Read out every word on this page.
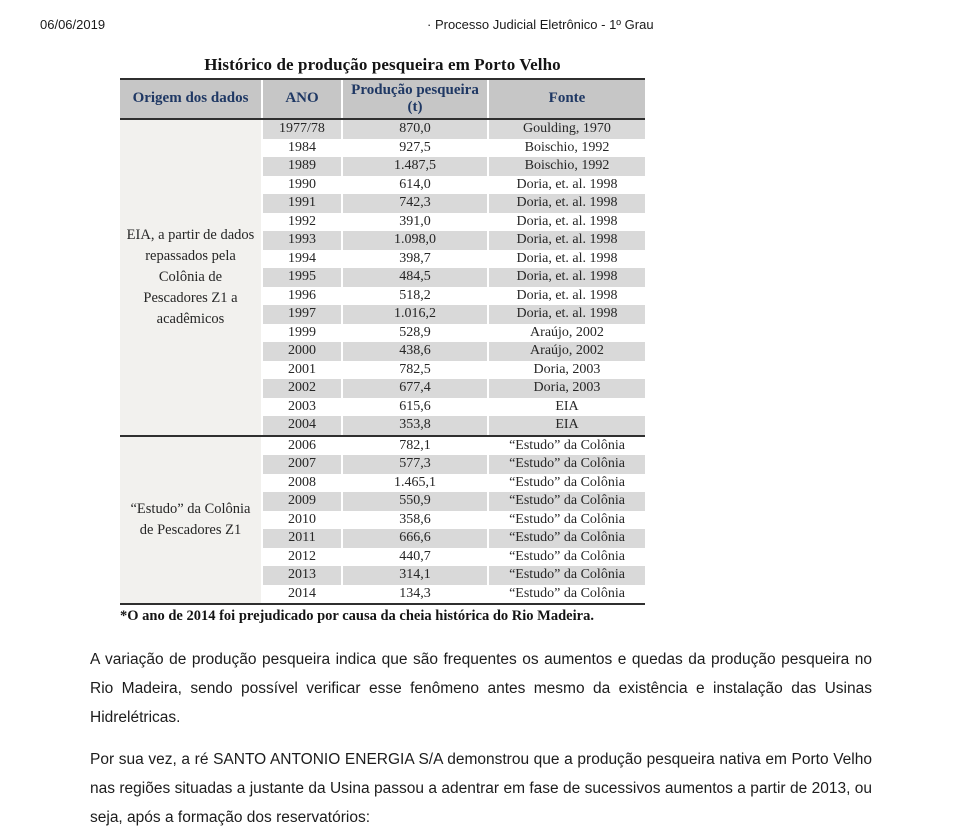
06/06/2019	· Processo Judicial Eletrônico - 1º Grau
Histórico de produção pesqueira em Porto Velho
Origem dos dados	ANO
Produção pesqueira (t)
Fonte
EIA, a partir de dados repassados pela Colônia de Pescadores Z1 a acadêmicos
1977/78	870,0	Goulding, 1970
1984	927,5	Boischio, 1992
1989	1.487,5	Boischio, 1992
1990	614,0	Doria, et. al. 1998
1991	742,3	Doria, et. al. 1998
1992	391,0	Doria, et. al. 1998
1993	1.098,0	Doria, et. al. 1998
1994	398,7	Doria, et. al. 1998
1995	484,5	Doria, et. al. 1998
1996	518,2	Doria, et. al. 1998
1997	1.016,2	Doria, et. al. 1998
1999	528,9	Araújo, 2002
2000	438,6	Araújo, 2002
2001	782,5	Doria, 2003
2002	677,4	Doria, 2003
2003	615,6	EIA
2004	353,8	EIA
“Estudo” da Colônia de Pescadores Z1
2006	782,1	“Estudo” da Colônia
2007	577,3	“Estudo” da Colônia
2008	1.465,1	“Estudo” da Colônia
2009	550,9	“Estudo” da Colônia
2010	358,6	“Estudo” da Colônia
2011	666,6	“Estudo” da Colônia
2012	440,7	“Estudo” da Colônia
2013	314,1	“Estudo” da Colônia
2014	134,3	“Estudo” da Colônia
*O ano de 2014 foi prejudicado por causa da cheia histórica do Rio Madeira.

A variação de produção pesqueira indica que são frequentes os aumentos e quedas da produção pesqueira no Rio Madeira, sendo possível verificar esse fenômeno antes mesmo da existência e instalação das Usinas Hidrelétricas.

Por sua vez, a ré SANTO ANTONIO ENERGIA S/A demonstrou que a produção pesqueira nativa em Porto Velho nas regiões situadas a justante da Usina passou a adentrar em fase de sucessivos aumentos a partir de 2013, ou seja, após a formação dos reservatórios:
